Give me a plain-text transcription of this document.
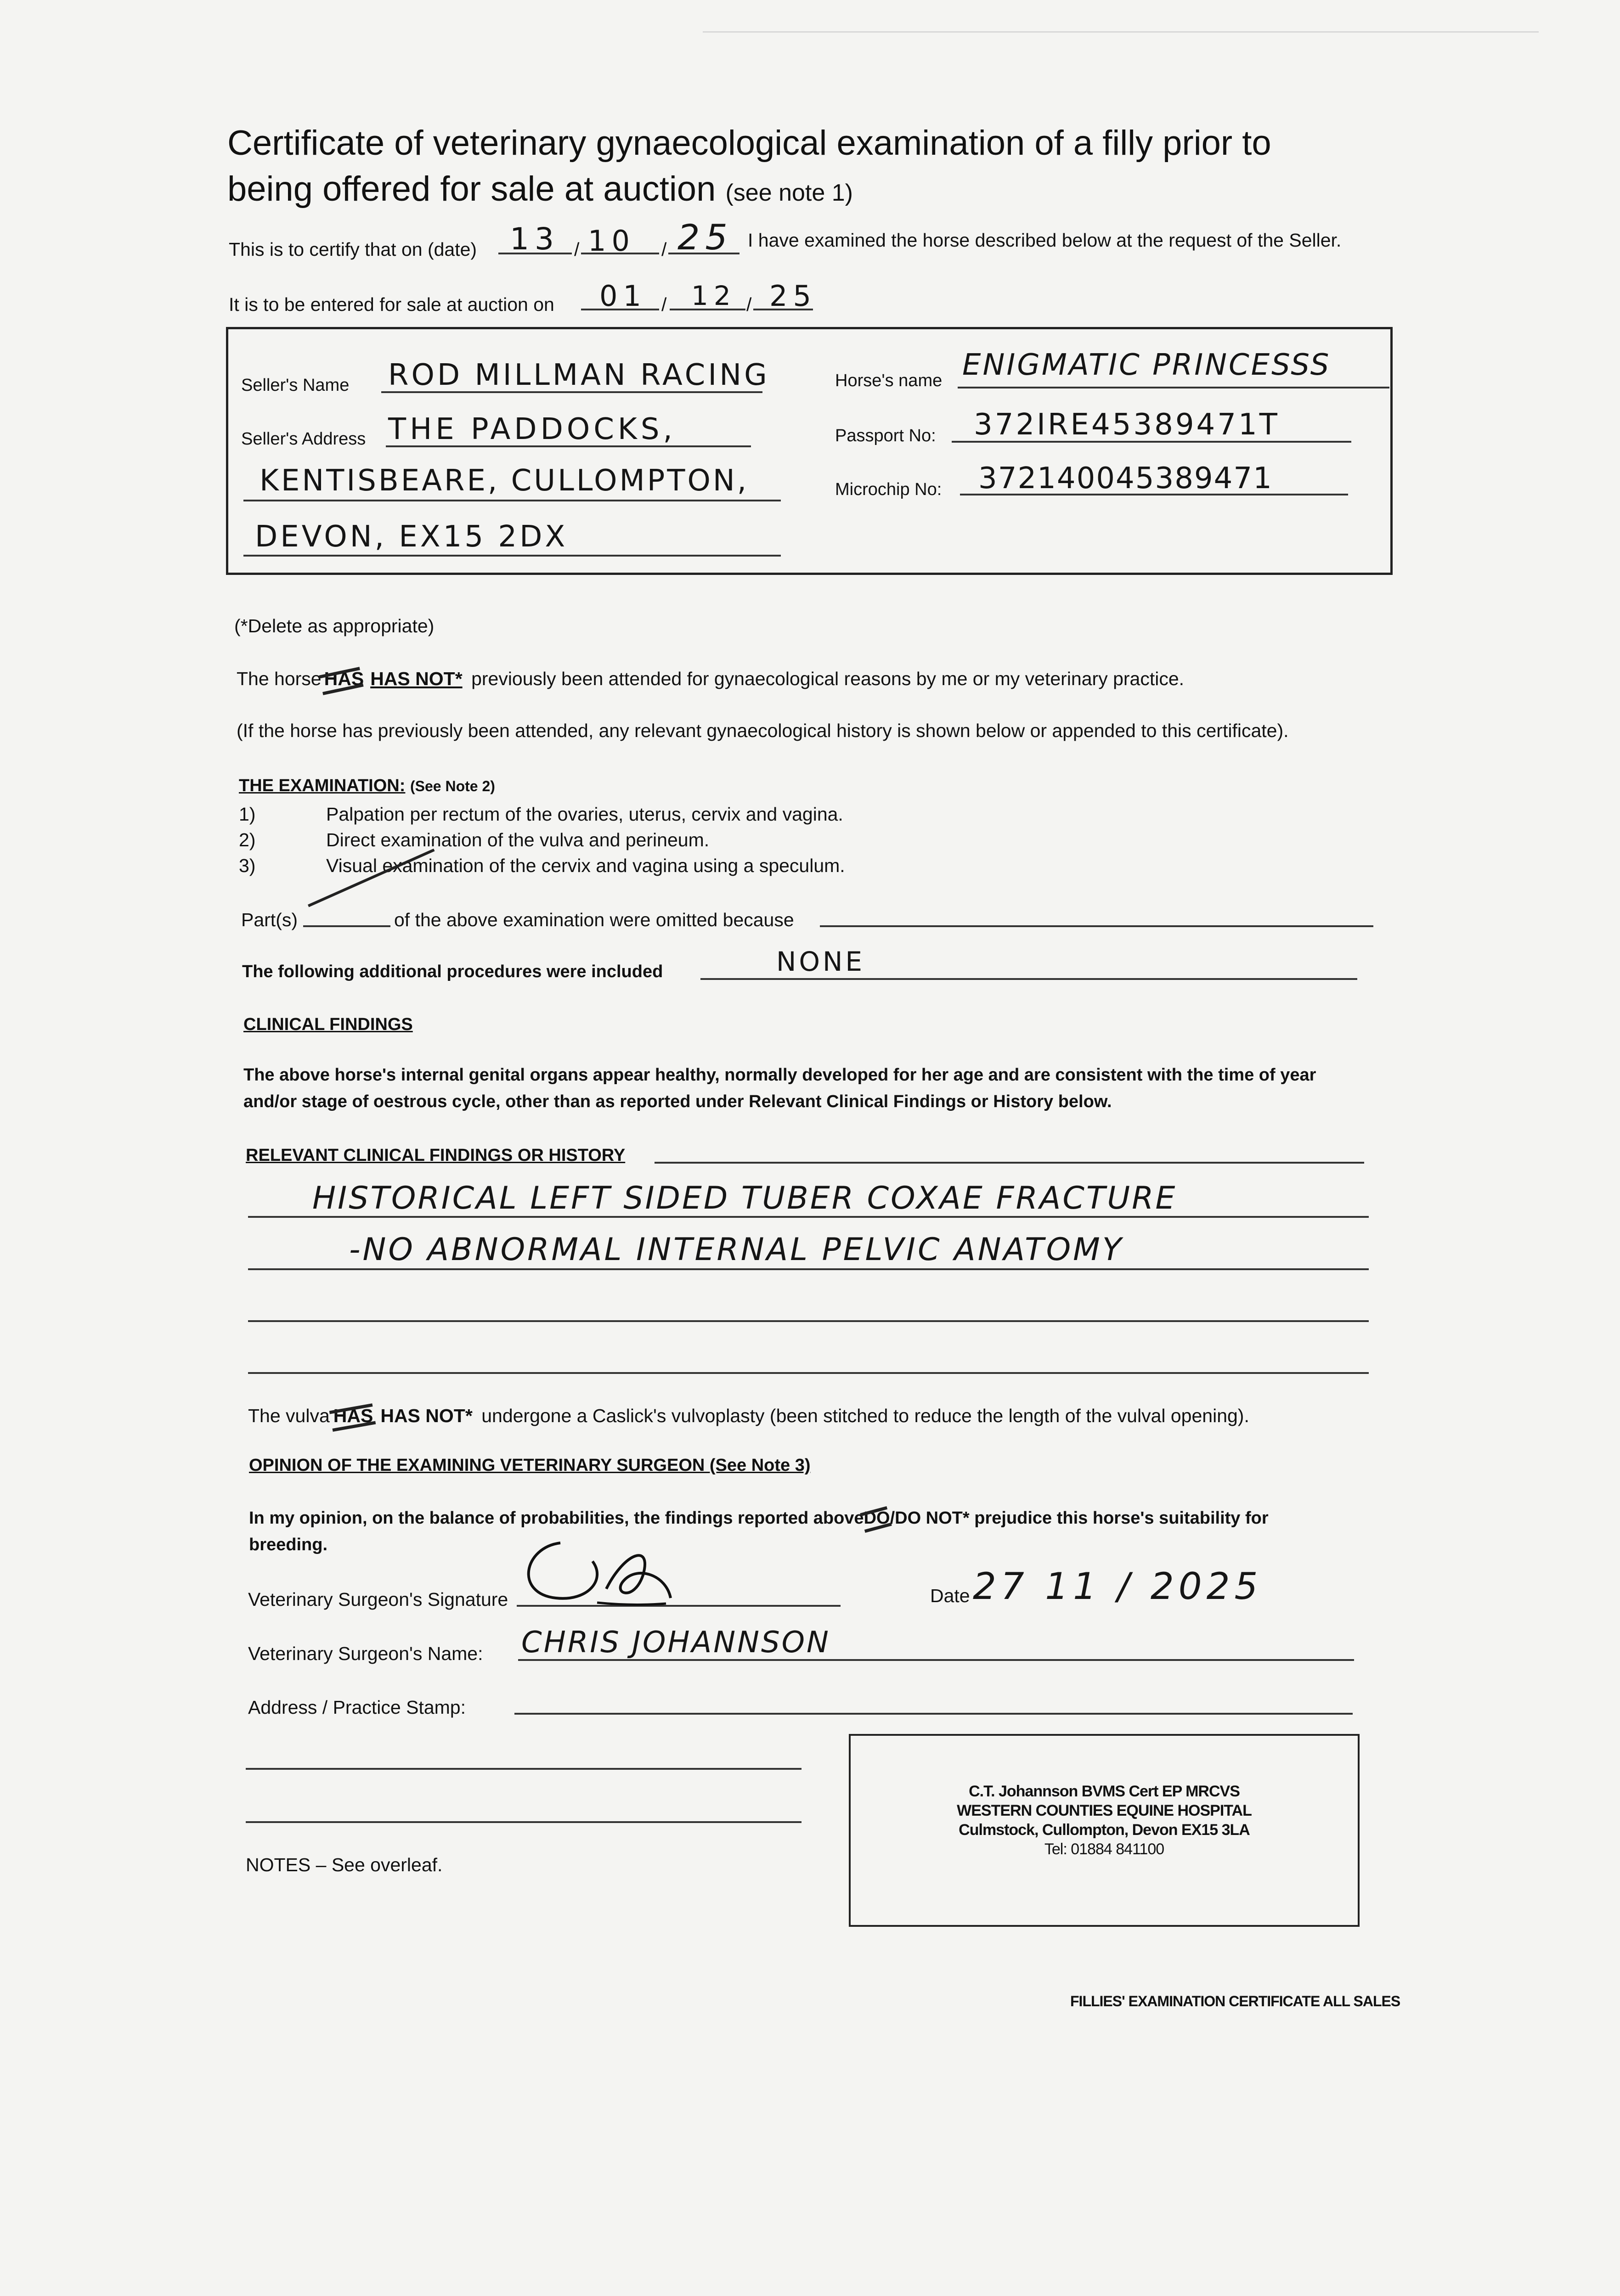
Certificate of veterinary gynaecological examination of a filly prior to
being offered for sale at auction (see note 1)
This is to certify that on (date) 13 / 10 / 25 I have examined the horse described below at the request of the Seller.
It is to be entered for sale at auction on 01 / 12 / 25
Seller's Name ROD MILLMAN RACING
Seller's Address THE PADDOCKS,
KENTISBEARE, CULLOMPTON,
DEVON, EX15 2DX
Horse's name ENIGMATIC PRINCESSS
Passport No: 372IRE45389471T
Microchip No: 372140045389471
(*Delete as appropriate)
The horse HAS HAS NOT* previously been attended for gynaecological reasons by me or my veterinary practice.
(If the horse has previously been attended, any relevant gynaecological history is shown below or appended to this certificate).
THE EXAMINATION: (See Note 2)
1)	Palpation per rectum of the ovaries, uterus, cervix and vagina.
2)	Direct examination of the vulva and perineum.
3)	Visual examination of the cervix and vagina using a speculum.
Part(s)	of the above examination were omitted because
The following additional procedures were included	NONE
CLINICAL FINDINGS
The above horse's internal genital organs appear healthy, normally developed for her age and are consistent with the time of year
and/or stage of oestrous cycle, other than as reported under Relevant Clinical Findings or History below.
RELEVANT CLINICAL FINDINGS OR HISTORY
HISTORICAL LEFT SIDED TUBER COXAE FRACTURE
-NO ABNORMAL INTERNAL PELVIC ANATOMY
The vulva HAS HAS NOT* undergone a Caslick's vulvoplasty (been stitched to reduce the length of the vulval opening).
OPINION OF THE EXAMINING VETERINARY SURGEON (See Note 3)
In my opinion, on the balance of probabilities, the findings reported aboveDO
/DO NOT* prejudice this horse's suitability for
breeding.
Veterinary Surgeon's Signature	Date 27 11 / 2025
Veterinary Surgeon's Name: CHRIS JOHANNSON
Address / Practice Stamp:
C.T. Johannson BVMS Cert EP MRCVS
WESTERN COUNTIES EQUINE HOSPITAL
Culmstock, Cullompton, Devon EX15 3LA
Tel: 01884 841100
NOTES – See overleaf.
FILLIES' EXAMINATION CERTIFICATE ALL SALES
